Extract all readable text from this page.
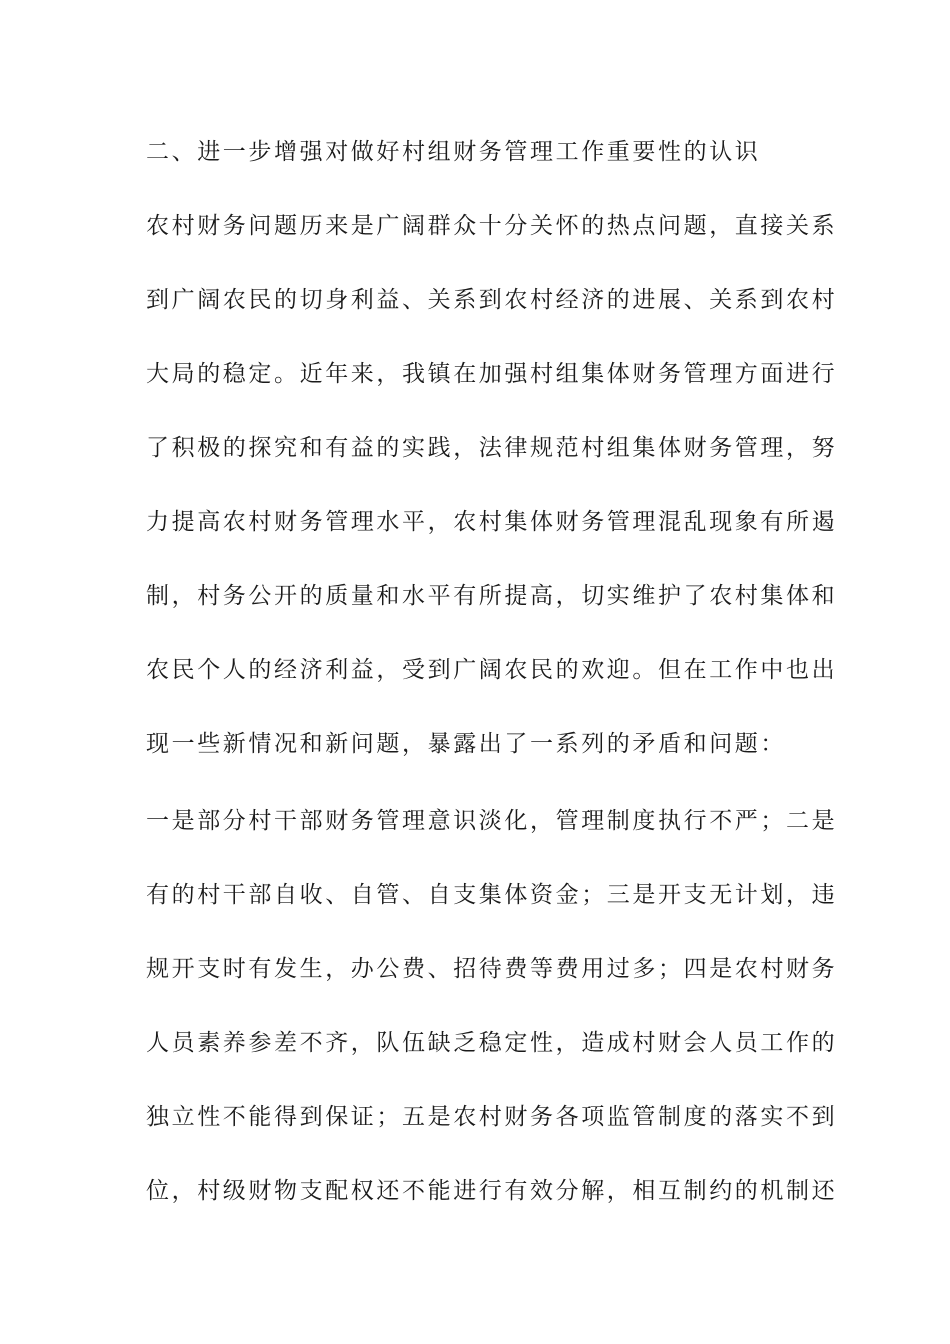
二、进一步增强对做好村组财务管理工作重要性的认识
农村财务问题历来是广阔群众十分关怀的热点问题，直接关系
到广阔农民的切身利益、关系到农村经济的进展、关系到农村
大局的稳定。近年来，我镇在加强村组集体财务管理方面进行
了积极的探究和有益的实践，法律规范村组集体财务管理，努
力提高农村财务管理水平，农村集体财务管理混乱现象有所遏
制，村务公开的质量和水平有所提高，切实维护了农村集体和
农民个人的经济利益，受到广阔农民的欢迎。但在工作中也出
现一些新情况和新问题，暴露出了一系列的矛盾和问题：
一是部分村干部财务管理意识淡化，管理制度执行不严；二是
有的村干部自收、自管、自支集体资金；三是开支无计划，违
规开支时有发生，办公费、招待费等费用过多；四是农村财务
人员素养参差不齐，队伍缺乏稳定性，造成村财会人员工作的
独立性不能得到保证；五是农村财务各项监管制度的落实不到
位，村级财物支配权还不能进行有效分解，相互制约的机制还
